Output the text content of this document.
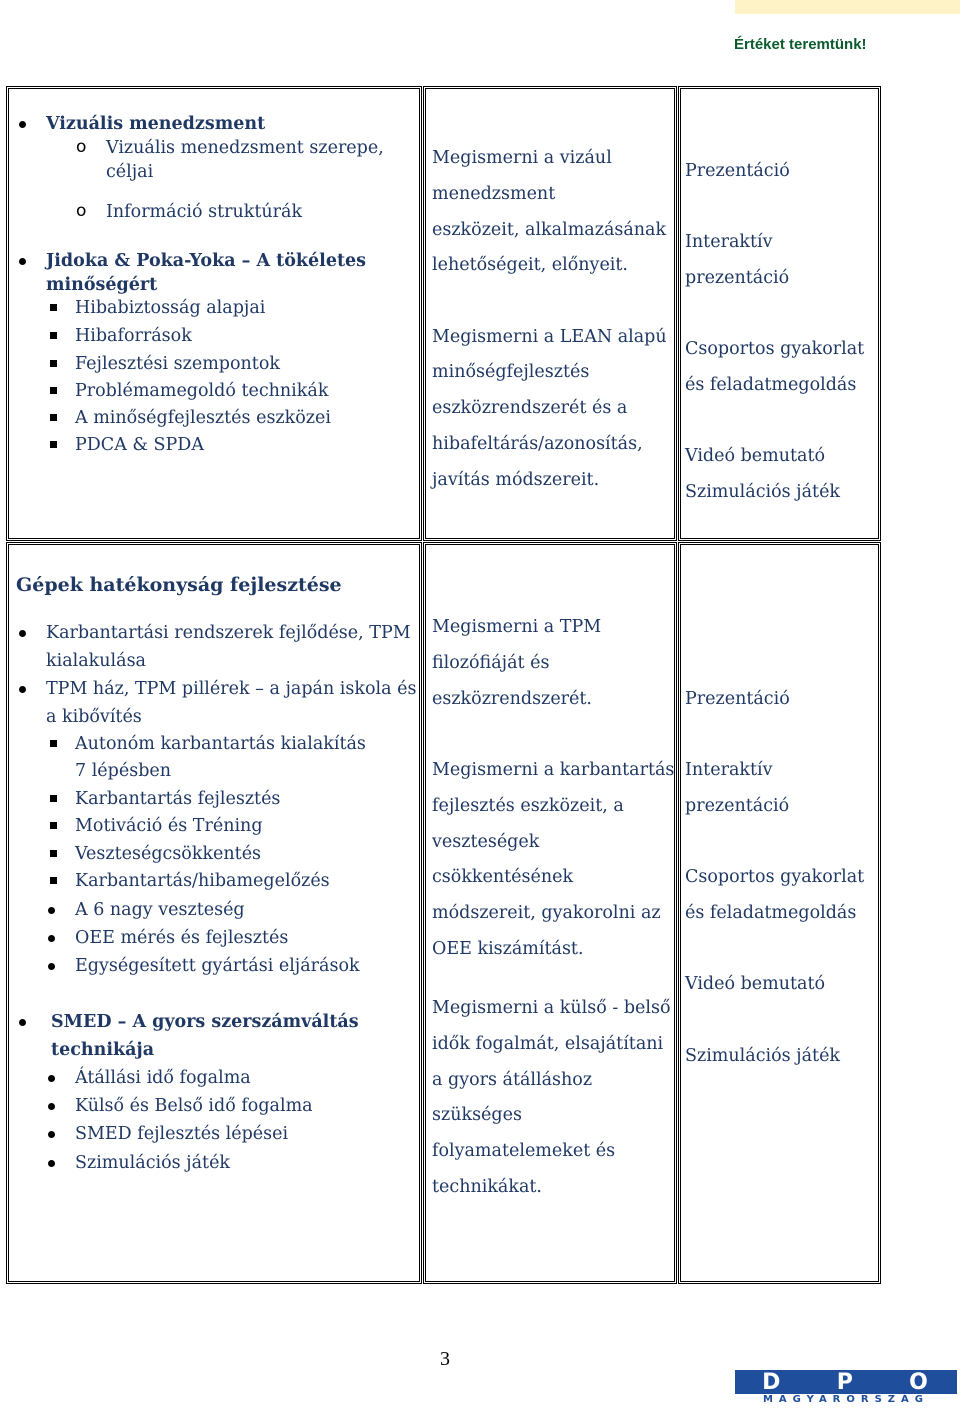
Értéket teremtünk!
Vizuális menedzsment
o Vizuális menedzsment szerepe,
céljai
o Információ struktúrák
Jidoka & Poka-Yoka – A tökéletes
minőségért
Hibabiztosság alapjai
Hibaforrások
Fejlesztési szempontok
Problémamegoldó technikák
A minőségfejlesztés eszközei
PDCA & SPDA
Megismerni a vizául
menedzsment
eszközeit, alkalmazásának
lehetőségeit, előnyeit.
Megismerni a LEAN alapú
minőségfejlesztés
eszközrendszerét és a
hibafeltárás/azonosítás,
javítás módszereit.
Prezentáció
Interaktív
prezentáció
Csoportos gyakorlat
és feladatmegoldás
Videó bemutató
Szimulációs játék
Gépek hatékonyság fejlesztése
Karbantartási rendszerek fejlődése, TPM
kialakulása
TPM ház, TPM pillérek – a japán iskola és
a kibővítés
Autonóm karbantartás kialakítás
7 lépésben
Karbantartás fejlesztés
Motiváció és Tréning
Veszteségcsökkentés
Karbantartás/hibamegelőzés
A 6 nagy veszteség
OEE mérés és fejlesztés
Egységesített gyártási eljárások
SMED – A gyors szerszámváltás
technikája
Átállási idő fogalma
Külső és Belső idő fogalma
SMED fejlesztés lépései
Szimulációs játék
Megismerni a TPM
filozófiáját és
eszközrendszerét.
Megismerni a karbantartás
fejlesztés eszközeit, a
veszteségek
csökkentésének
módszereit, gyakorolni az
OEE kiszámítást.
Megismerni a külső - belső
idők fogalmát, elsajátítani
a gyors átálláshoz
szükséges
folyamatelemeket és
technikákat.
Prezentáció
Interaktív
prezentáció
Csoportos gyakorlat
és feladatmegoldás
Videó bemutató
Szimulációs játék
3
D P O
MAGYARORSZÁG
